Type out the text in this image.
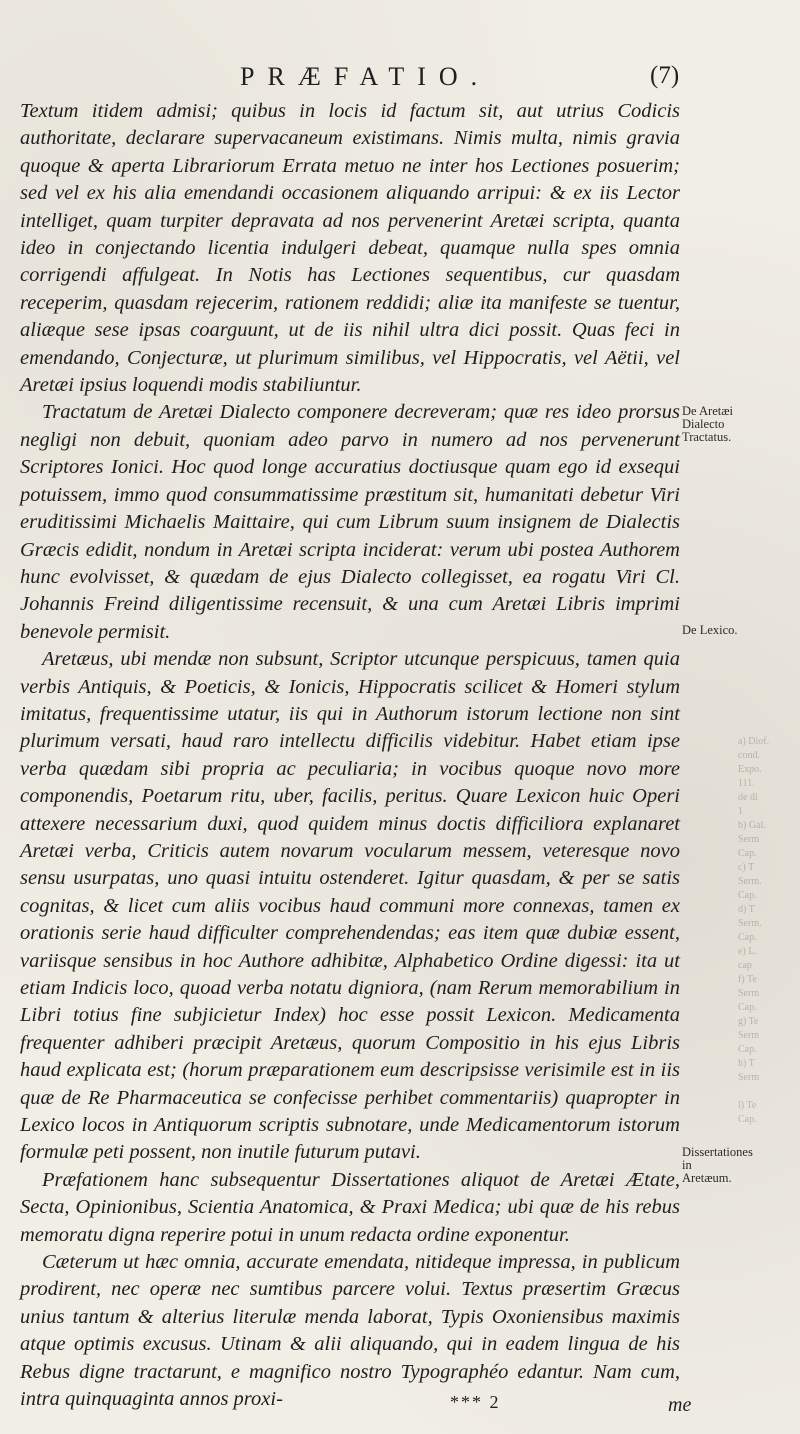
PRÆFATIO.	(7)

Textum itidem admisi; quibus in locis id factum sit, aut utrius Codicis authoritate, declarare supervacaneum existimans. Nimis multa, nimis gravia quoque & aperta Librariorum Errata metuo ne inter hos Lectiones posuerim; sed vel ex his alia emendandi occasionem aliquando arripui: & ex iis Lector intelliget, quam turpiter depravata ad nos pervenerint Aretæi scripta, quanta ideo in conjectando licentia indulgeri debeat, quamque nulla spes omnia corrigendi affulgeat. In Notis has Lectiones sequentibus, cur quasdam receperim, quasdam rejecerim, rationem reddidi; aliæ ita manifeste se tuentur, aliæque sese ipsas coarguunt, ut de iis nihil ultra dici possit. Quas feci in emendando, Conjecturæ, ut plurimum similibus, vel Hippocratis, vel Aëtii, vel Aretæi ipsius loquendi modis stabiliuntur.

Tractatum de Aretæi Dialecto componere decreveram; quæ res ideo prorsus negligi non debuit, quoniam adeo parvo in numero ad nos pervenerunt Scriptores Ionici. Hoc quod longe accuratius doctiusque quam ego id exsequi potuissem, immo quod consummatissime præstitum sit, humanitati debetur Viri eruditissimi Michaelis Maittaire, qui cum Librum suum insignem de Dialectis Græcis edidit, nondum in Aretæi scripta inciderat: verum ubi postea Authorem hunc evolvisset, & quædam de ejus Dialecto collegisset, ea rogatu Viri Cl. Johannis Freind diligentissime recensuit, & una cum Aretæi Libris imprimi benevole permisit.

Aretæus, ubi mendæ non subsunt, Scriptor utcunque perspicuus, tamen quia verbis Antiquis, & Poeticis, & Ionicis, Hippocratis scilicet & Homeri stylum imitatus, frequentissime utatur, iis qui in Authorum istorum lectione non sint plurimum versati, haud raro intellectu difficilis videbitur. Habet etiam ipse verba quædam sibi propria ac peculiaria; in vocibus quoque novo more componendis, Poetarum ritu, uber, facilis, peritus. Quare Lexicon huic Operi attexere necessarium duxi, quod quidem minus doctis difficiliora explanaret Aretæi verba, Criticis autem novarum vocularum messem, veteresque novo sensu usurpatas, uno quasi intuitu ostenderet. Igitur quasdam, & per se satis cognitas, & licet cum aliis vocibus haud communi more connexas, tamen ex orationis serie haud difficulter comprehendendas; eas item quæ dubiæ essent, variisque sensibus in hoc Authore adhibitæ, Alphabetico Ordine digessi: ita ut etiam Indicis loco, quoad verba notatu digniora, (nam Rerum memorabilium in Libri totius fine subjicietur Index) hoc esse possit Lexicon. Medicamenta frequenter adhiberi præcipit Aretæus, quorum Compositio in his ejus Libris haud explicata est; (horum præparationem eum descripsisse verisimile est in iis quæ de Re Pharmaceutica se confecisse perhibet commentariis) quapropter in Lexico locos in Antiquorum scriptis subnotare, unde Medicamentorum istorum formulæ peti possent, non inutile futurum putavi.

Præfationem hanc subsequentur Dissertationes aliquot de Aretæi Ætate, Secta, Opinionibus, Scientia Anatomica, & Praxi Medica; ubi quæ de his rebus memoratu digna reperire potui in unum redacta ordine exponentur.

Cæterum ut hæc omnia, accurate emendata, nitideque impressa, in publicum prodirent, nec operæ nec sumtibus parcere volui. Textus præsertim Græcus unius tantum & alterius literulæ menda laborat, Typis Oxoniensibus maximis atque optimis excusus. Utinam & alii aliquando, qui in eadem lingua de his Rebus digne tractarunt, e magnifico nostro Typographéo edantur. Nam cum, intra quinquaginta annos proxi-

De Aretæi Dialecto Tractatus.
De Lexico.
Dissertationes in Aretæum.
a) Diof.
cond.
Expo.
111.
de di
1
b) Gal.
Serm
Cap.
c) T
Serm.
Cap.
d) T
Serm.
Cap.
e) L.
cap
f) Te
Serm
Cap.
g) Te
Serm
Cap.
h) T
Serm

l) Te
Cap.
*** 2	me
